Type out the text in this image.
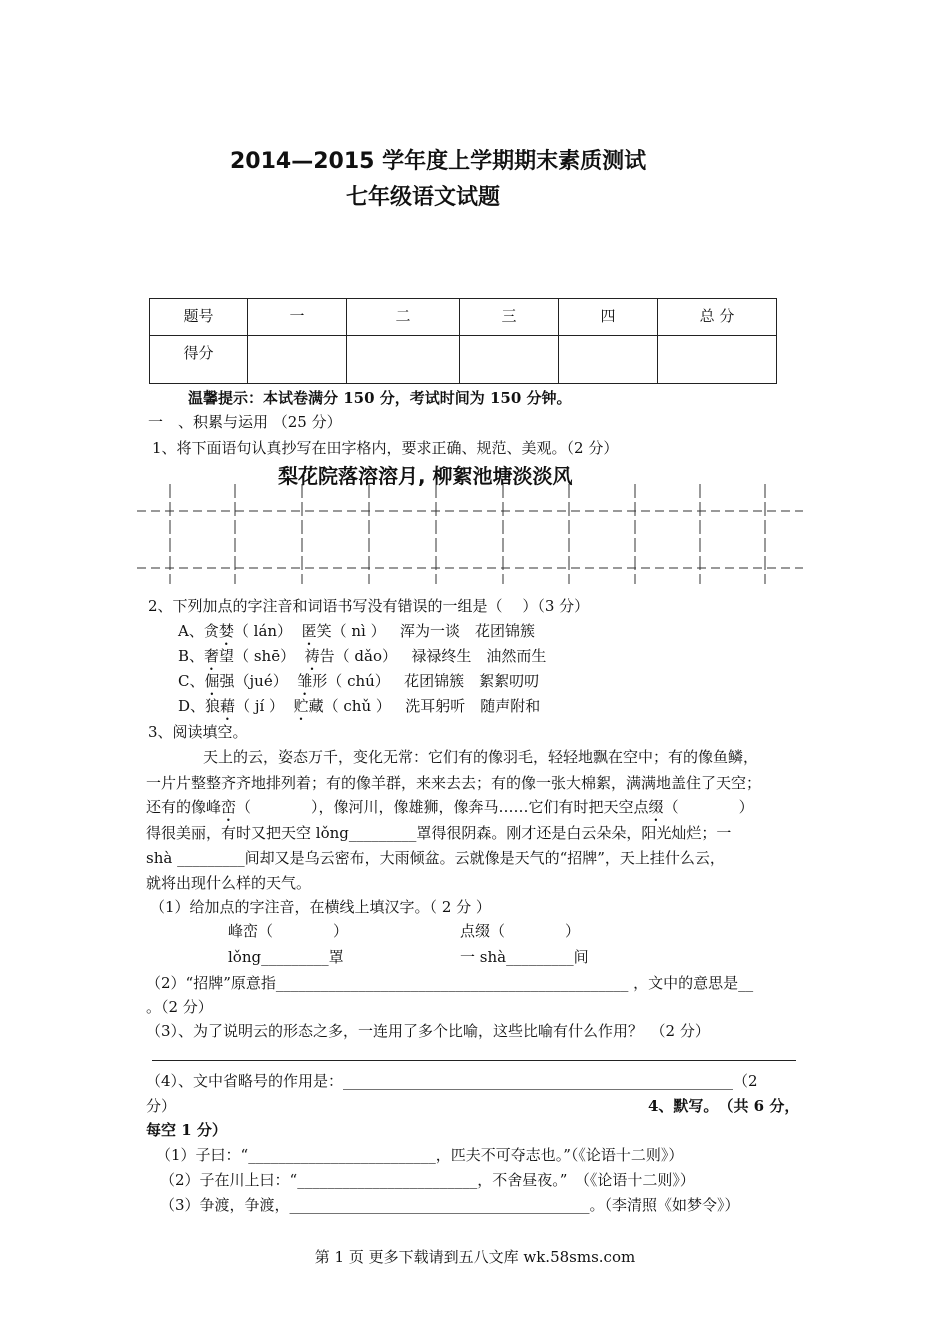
2014—2015 学年度上学期期末素质测试
七年级语文试题
题号	一	二	三	四	总 分

得分					

温馨提示：本试卷满分 150 分，考试时间为 150 分钟。
一　、积累与运用 （25 分）
1、将下面语句认真抄写在田字格内，要求正确、规范、美观。（2 分）
梨花院落溶溶月, 柳絮池塘淡淡风
2、下列加点的字注音和词语书写没有错误的一组是（　 ）（3 分）
A、贪婪（ lán） 匿笑（ nì ） 浑为一谈　花团锦簇
B、奢望（ shē） 祷告（ dǎo） 禄禄终生　油然而生
C、倔强（jué） 雏形（ chú） 花团锦簇　絮絮叨叨
D、狼藉（ jí ） 贮藏（ chǔ ） 洗耳躬听　随声附和
3、阅读填空。
天上的云，姿态万千，变化无常：它们有的像羽毛，轻轻地飘在空中；有的像鱼鳞，
一片片整整齐齐地排列着；有的像羊群，来来去去；有的像一张大棉絮，满满地盖住了天空；
还有的像峰峦（　　　　），像河川，像雄狮，像奔马……它们有时把天空点缀（　　　　）
得很美丽，有时又把天空 lǒng_________罩得很阴森。刚才还是白云朵朵，阳光灿烂；一
shà _________间却又是乌云密布，大雨倾盆。云就像是天气的“招牌”，天上挂什么云，
就将出现什么样的天气。
（1）给加点的字注音，在横线上填汉字。（ 2 分 ）
峰峦（　　　　）	点缀（　　　　）
lǒng_________罩	一 shà_________间
（2）“招牌”原意指_______________________________________________ ，文中的意思是__
。（2 分）
（3）、为了说明云的形态之多，一连用了多个比喻，这些比喻有什么作用？　（2 分）
（4）、文中省略号的作用是：____________________________________________________（2
分）	4、默写。　（共 6 分，
每空 1 分）
（1）子曰：“_________________________，匹夫不可夺志也。”（《论语十二则》）
（2）子在川上曰：“________________________，不舍昼夜。”　（《论语十二则》）
（3）争渡，争渡，________________________________________。（李清照《如梦令》）
第 1 页 更多下载请到五八文库 wk.58sms.com
